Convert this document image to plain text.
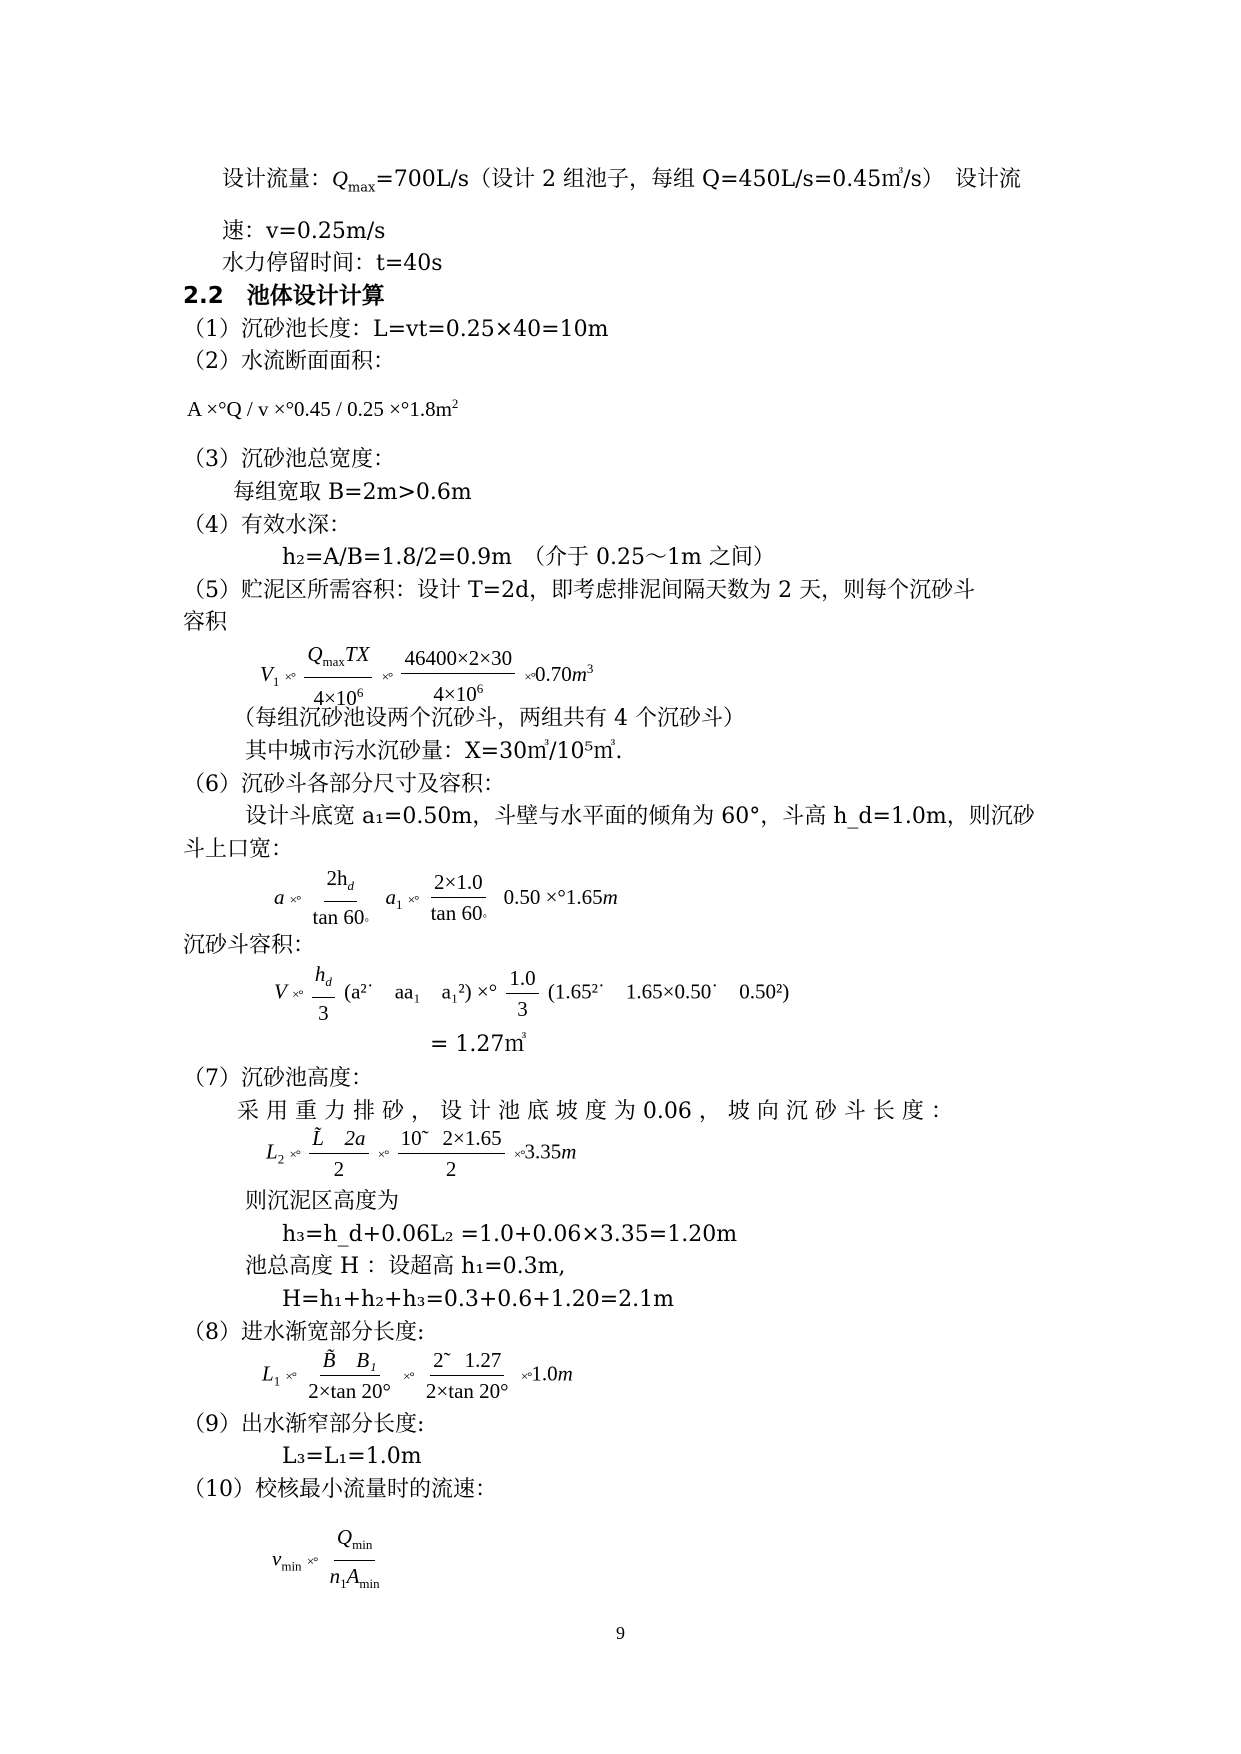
设计流量：$Q_{max}=700L/s$（设计 2 组池子，每组 Q=450L/s=0.45㎥/s）　设计流
速：v=0.25m/s
水力停留时间：t=40s
2.2　池体设计计算
（1）沉砂池长度：L=vt=0.25×40=10m
（2）水流断面面积：
$A \times^\circ Q / v \times^\circ 0.45 / 0.25 \times^\circ 1.8m^2$
（3）沉砂池总宽度：
每组宽取 B=2m>0.6m
（4）有效水深：
h₂=A/B=1.8/2=0.9m　（介于 0.25～1m 之间）
（5）贮泥区所需容积：设计 T=2d，即考虑排泥间隔天数为 2 天，则每个沉砂斗
容积
$V_1$ ×° $\frac{Q_{max}TX}{4\times 10^6}$ ×° $\frac{46400\times 2\times 30}{4\times 10^6} \times^\circ 0.70m^3$
（每组沉砂池设两个沉砂斗，两组共有 4 个沉砂斗）
其中城市污水沉砂量：X=30㎥/10⁵㎥.
（6）沉砂斗各部分尺寸及容积：
设计斗底宽 a₁=0.50m，斗壁与水平面的倾角为 60°，斗高 h_d=1.0m，则沉砂
斗上口宽：
a ×° $\frac{2h_d}{\tan 60◦} a_1$ ×° $\frac{2\times 1.0}{\tan 60◦} 0.50 \times^\circ 1.65m$
沉砂斗容积：
V ×° $\frac{h_d}{3}$ (a²˙　aa₁　a₁²) ×° $\frac{1.0}{3}$ (1.65²˙　1.65×0.50˙　0.50²)
= 1.27㎥
（7）沉砂池高度：
采 用 重 力 排 砂 ， 设 计 池 底 坡 度 为 0.06 ， 坡 向 沉 砂 斗 长 度 ：
$L_2$ ×° $\frac{L̃ 2a}{2}$ ×° $\frac{10̃ 2\times 1.65}{2} \times^\circ 3.35m$
则沉泥区高度为
h₃=h_d+0.06L₂ =1.0+0.06×3.35=1.20m
池总高度 H ：设超高 h₁=0.3m,
H=h₁+h₂+h₃=0.3+0.6+1.20=2.1m
（8）进水渐宽部分长度:
$L_1$ ×° $\frac{\text{B̃　B₁}}{2\times\tan 20^\circ}$ ×° $\frac{2̃ 1.27}{2\times\tan 20^\circ} \times^\circ 1.0m$
（9）出水渐窄部分长度:
L₃=L₁=1.0m
（10）校核最小流量时的流速：
$v_{min}$ ×° $\frac{Q_{min}}{n_1A_{min}}$
9
